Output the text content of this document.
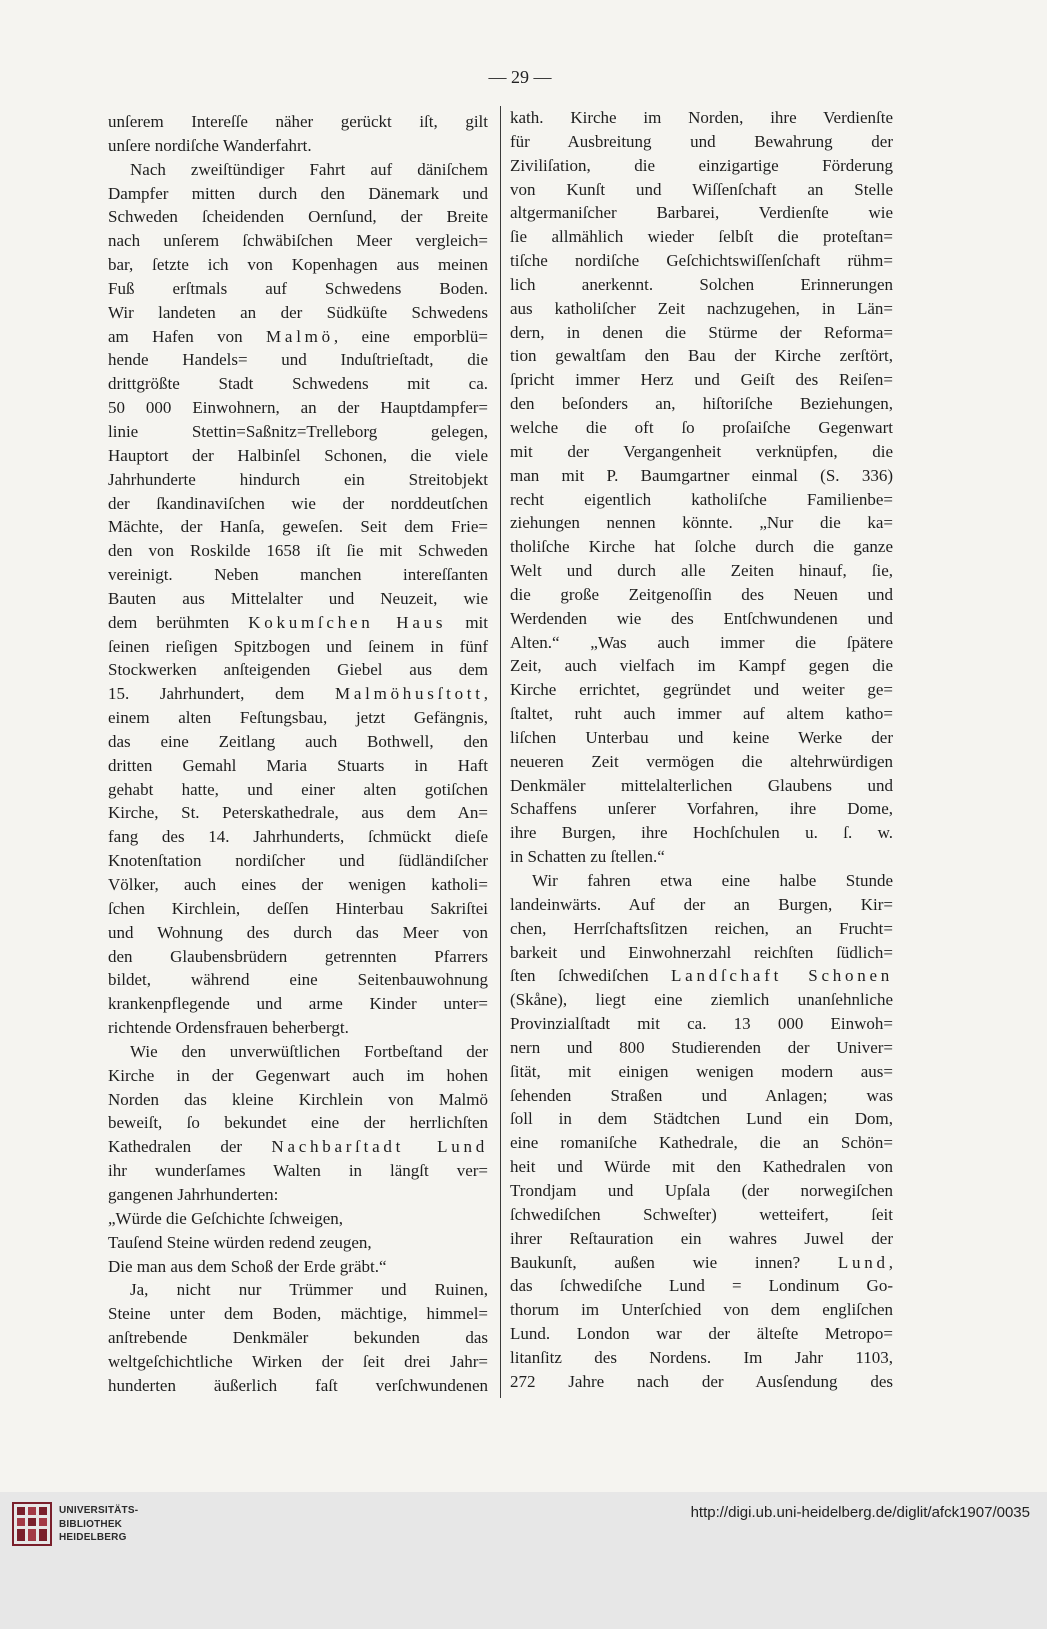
— 29 —
unſerem Intereſſe näher gerückt iſt, gilt
unſere nordiſche Wanderfahrt.
Nach zweiſtündiger Fahrt auf däniſchem
Dampfer mitten durch den Dänemark und
Schweden ſcheidenden Oernſund, der Breite
nach unſerem ſchwäbiſchen Meer vergleich=
bar, ſetzte ich von Kopenhagen aus meinen
Fuß erſtmals auf Schwedens Boden.
Wir landeten an der Südküſte Schwedens
am Hafen von Malmö, eine emporblü=
hende Handels= und Induſtrieſtadt, die
drittgrößte Stadt Schwedens mit ca.
50 000 Einwohnern, an der Hauptdampfer=
linie Stettin=Saßnitz=Trelleborg gelegen,
Hauptort der Halbinſel Schonen, die viele
Jahrhunderte hindurch ein Streitobjekt
der ſkandinaviſchen wie der norddeutſchen
Mächte, der Hanſa, geweſen. Seit dem Frie=
den von Roskilde 1658 iſt ſie mit Schweden
vereinigt. Neben manchen intereſſanten
Bauten aus Mittelalter und Neuzeit, wie
dem berühmten Kokumſchen Haus mit
ſeinen rieſigen Spitzbogen und ſeinem in fünf
Stockwerken anſteigenden Giebel aus dem
15. Jahrhundert, dem Malmöhusſtott,
einem alten Feſtungsbau, jetzt Gefängnis,
das eine Zeitlang auch Bothwell, den
dritten Gemahl Maria Stuarts in Haft
gehabt hatte, und einer alten gotiſchen
Kirche, St. Peterskathedrale, aus dem An=
fang des 14. Jahrhunderts, ſchmückt dieſe
Knotenſtation nordiſcher und ſüdländiſcher
Völker, auch eines der wenigen katholi=
ſchen Kirchlein, deſſen Hinterbau Sakriſtei
und Wohnung des durch das Meer von
den Glaubensbrüdern getrennten Pfarrers
bildet, während eine Seitenbauwohnung
krankenpflegende und arme Kinder unter=
richtende Ordensfrauen beherbergt.
Wie den unverwüſtlichen Fortbeſtand der
Kirche in der Gegenwart auch im hohen
Norden das kleine Kirchlein von Malmö
beweiſt, ſo bekundet eine der herrlichſten
Kathedralen der Nachbarſtadt Lund
ihr wunderſames Walten in längſt ver=
gangenen Jahrhunderten:
„Würde die Geſchichte ſchweigen,
Tauſend Steine würden redend zeugen,
Die man aus dem Schoß der Erde gräbt.“
Ja, nicht nur Trümmer und Ruinen,
Steine unter dem Boden, mächtige, himmel=
anſtrebende Denkmäler bekunden das
weltgeſchichtliche Wirken der ſeit drei Jahr=
hunderten äußerlich faſt verſchwundenen
kath. Kirche im Norden, ihre Verdienſte
für Ausbreitung und Bewahrung der
Ziviliſation, die einzigartige Förderung
von Kunſt und Wiſſenſchaft an Stelle
altgermaniſcher Barbarei, Verdienſte wie
ſie allmählich wieder ſelbſt die proteſtan=
tiſche nordiſche Geſchichtswiſſenſchaft rühm=
lich anerkennt. Solchen Erinnerungen
aus katholiſcher Zeit nachzugehen, in Län=
dern, in denen die Stürme der Reforma=
tion gewaltſam den Bau der Kirche zerſtört,
ſpricht immer Herz und Geiſt des Reiſen=
den beſonders an, hiſtoriſche Beziehungen,
welche die oft ſo proſaiſche Gegenwart
mit der Vergangenheit verknüpfen, die
man mit P. Baumgartner einmal (S. 336)
recht eigentlich katholiſche Familienbe=
ziehungen nennen könnte. „Nur die ka=
tholiſche Kirche hat ſolche durch die ganze
Welt und durch alle Zeiten hinauf, ſie,
die große Zeitgenoſſin des Neuen und
Werdenden wie des Entſchwundenen und
Alten.“ „Was auch immer die ſpätere
Zeit, auch vielfach im Kampf gegen die
Kirche errichtet, gegründet und weiter ge=
ſtaltet, ruht auch immer auf altem katho=
liſchen Unterbau und keine Werke der
neueren Zeit vermögen die altehrwürdigen
Denkmäler mittelalterlichen Glaubens und
Schaffens unſerer Vorfahren, ihre Dome,
ihre Burgen, ihre Hochſchulen u. ſ. w.
in Schatten zu ſtellen.“
Wir fahren etwa eine halbe Stunde
landeinwärts. Auf der an Burgen, Kir=
chen, Herrſchaftsſitzen reichen, an Frucht=
barkeit und Einwohnerzahl reichſten ſüdlich=
ſten ſchwediſchen Landſchaft Schonen
(Skåne), liegt eine ziemlich unanſehnliche
Provinzialſtadt mit ca. 13 000 Einwoh=
nern und 800 Studierenden der Univer=
ſität, mit einigen wenigen modern aus=
ſehenden Straßen und Anlagen; was
ſoll in dem Städtchen Lund ein Dom,
eine romaniſche Kathedrale, die an Schön=
heit und Würde mit den Kathedralen von
Trondjam und Upſala (der norwegiſchen
ſchwediſchen Schweſter) wetteifert, ſeit
ihrer Reſtauration ein wahres Juwel der
Baukunſt, außen wie innen? Lund,
das ſchwediſche Lund = Londinum Go-
thorum im Unterſchied von dem engliſchen
Lund. London war der älteſte Metropo=
litanſitz des Nordens. Im Jahr 1103,
272 Jahre nach der Ausſendung des
UNIVERSITÄTS-
BIBLIOTHEK
HEIDELBERG
http://digi.ub.uni-heidelberg.de/diglit/afck1907/0035
